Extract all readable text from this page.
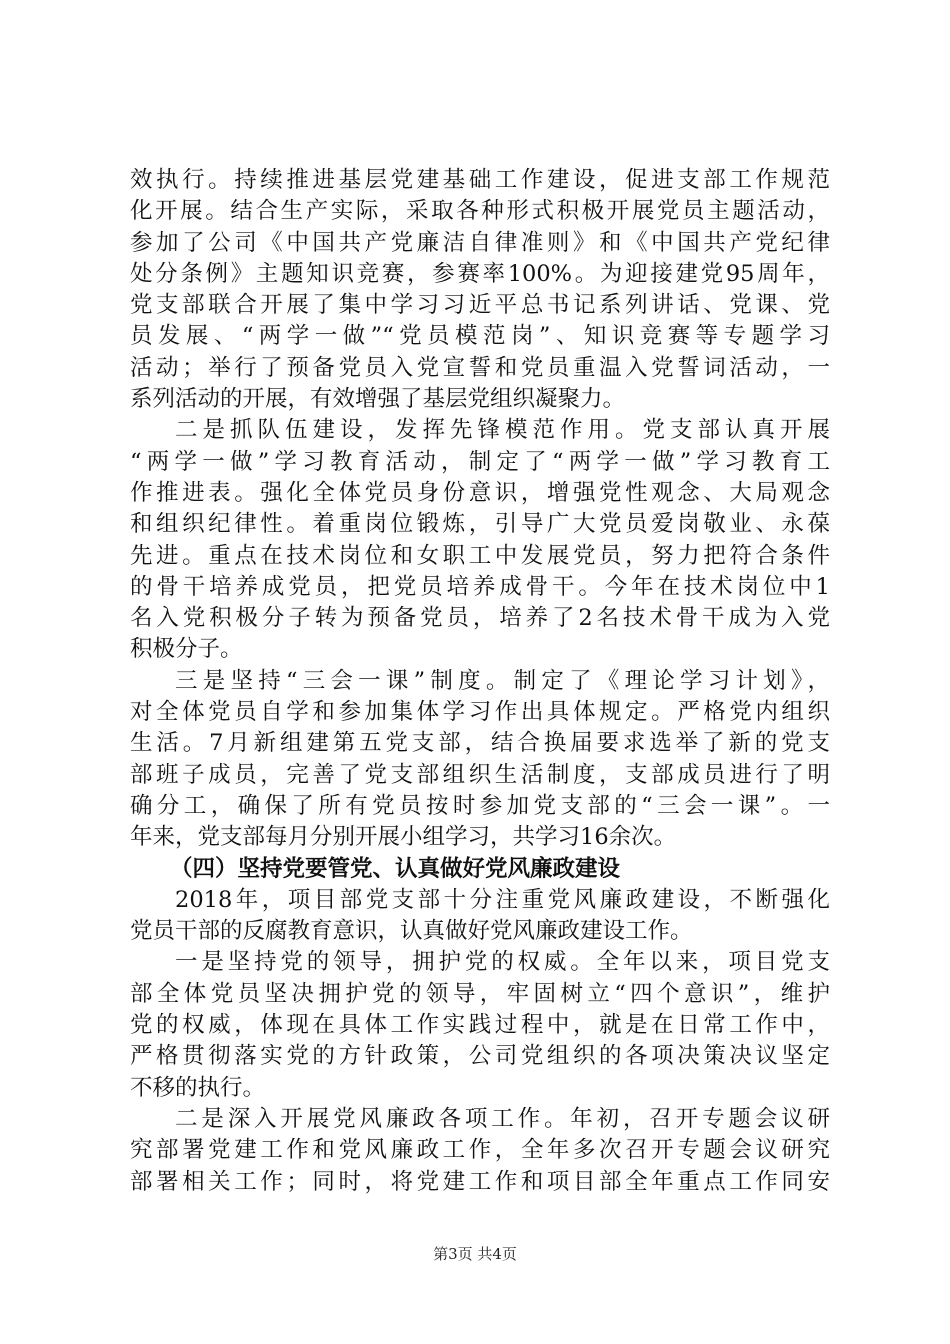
效执行。持续推进基层党建基础工作建设，促进支部工作规范
化开展。结合生产实际，采取各种形式积极开展党员主题活动，
参加了公司《中国共产党廉洁自律准则》和《中国共产党纪律
处分条例》主题知识竞赛，参赛率100%。为迎接建党95周年，
党支部联合开展了集中学习习近平总书记系列讲话、党课、党
员发展、“两学一做”“党员模范岗”、知识竞赛等专题学习
活动；举行了预备党员入党宣誓和党员重温入党誓词活动，一
系列活动的开展，有效增强了基层党组织凝聚力。
二是抓队伍建设，发挥先锋模范作用。党支部认真开展
“两学一做”学习教育活动，制定了“两学一做”学习教育工
作推进表。强化全体党员身份意识，增强党性观念、大局观念
和组织纪律性。着重岗位锻炼，引导广大党员爱岗敬业、永葆
先进。重点在技术岗位和女职工中发展党员，努力把符合条件
的骨干培养成党员，把党员培养成骨干。今年在技术岗位中1
名入党积极分子转为预备党员，培养了2名技术骨干成为入党
积极分子。
三是坚持“三会一课”制度。制定了《理论学习计划》，
对全体党员自学和参加集体学习作出具体规定。严格党内组织
生活。7月新组建第五党支部，结合换届要求选举了新的党支
部班子成员，完善了党支部组织生活制度，支部成员进行了明
确分工，确保了所有党员按时参加党支部的“三会一课”。一
年来，党支部每月分别开展小组学习，共学习16余次。
（四）坚持党要管党、认真做好党风廉政建设
2018年，项目部党支部十分注重党风廉政建设，不断强化
党员干部的反腐教育意识，认真做好党风廉政建设工作。
一是坚持党的领导，拥护党的权威。全年以来，项目党支
部全体党员坚决拥护党的领导，牢固树立“四个意识”，维护
党的权威，体现在具体工作实践过程中，就是在日常工作中，
严格贯彻落实党的方针政策，公司党组织的各项决策决议坚定
不移的执行。
二是深入开展党风廉政各项工作。年初，召开专题会议研
究部署党建工作和党风廉政工作，全年多次召开专题会议研究
部署相关工作；同时，将党建工作和项目部全年重点工作同安
第3页 共4页
